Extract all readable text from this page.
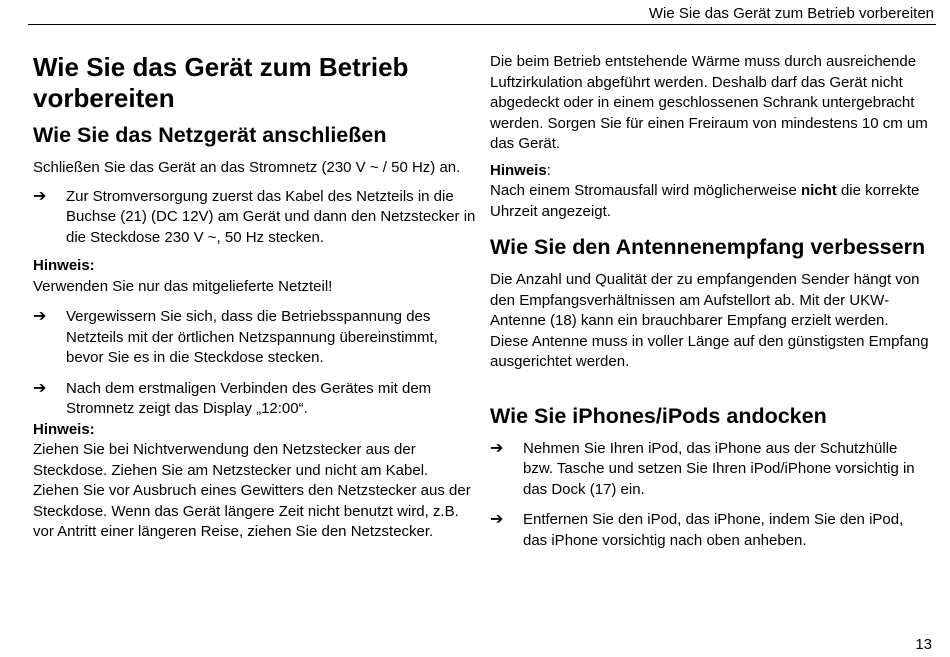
Wie Sie das Gerät zum Betrieb vorbereiten
Wie Sie das Gerät zum Betrieb vorbereiten
Wie Sie das Netzgerät anschließen

Schließen Sie das Gerät an das Stromnetz (230 V ~ / 50 Hz) an.

➔ Zur Stromversorgung zuerst das Kabel des Netzteils in die Buchse (21) (DC 12V) am Gerät und dann den Netzstecker in die Steckdose 230 V ~, 50 Hz stecken.
Hinweis:

Verwenden Sie nur das mitgelieferte Netzteil!

➔ Vergewissern Sie sich, dass die Betriebsspannung des Netzteils mit der örtlichen Netzspannung übereinstimmt, bevor Sie es in die Steckdose stecken.
➔ Nach dem erstmaligen Verbinden des Gerätes mit dem Stromnetz zeigt das Display „12:00“.
Hinweis:

Ziehen Sie bei Nichtverwendung den Netzstecker aus der Steckdose. Ziehen Sie am Netzstecker und nicht am Kabel. Ziehen Sie vor Ausbruch eines Gewitters den Netzstecker aus der Steckdose. Wenn das Gerät längere Zeit nicht benutzt wird, z.B. vor Antritt einer längeren Reise, ziehen Sie den Netzstecker.

Die beim Betrieb entstehende Wärme muss durch ausreichende Luftzirkulation abgeführt werden. Deshalb darf das Gerät nicht abgedeckt oder in einem geschlossenen Schrank untergebracht werden. Sorgen Sie für einen Freiraum von mindestens 10 cm um das Gerät.

Hinweis:

Nach einem Stromausfall wird möglicherweise nicht die korrekte Uhrzeit angezeigt.

Wie Sie den Antennenempfang verbessern

Die Anzahl und Qualität der zu empfangenden Sender hängt von den Empfangsverhältnissen am Aufstellort ab. Mit der UKW-Antenne (18) kann ein brauchbarer Empfang erzielt werden. Diese Antenne muss in voller Länge auf den günstigsten Empfang ausgerichtet werden.

Wie Sie iPhones/iPods andocken
➔ Nehmen Sie Ihren iPod, das iPhone aus der Schutzhülle bzw. Tasche und setzen Sie Ihren iPod/iPhone vorsichtig in das Dock (17) ein.
➔ Entfernen Sie den iPod, das iPhone, indem Sie den iPod, das iPhone vorsichtig nach oben anheben.
13
